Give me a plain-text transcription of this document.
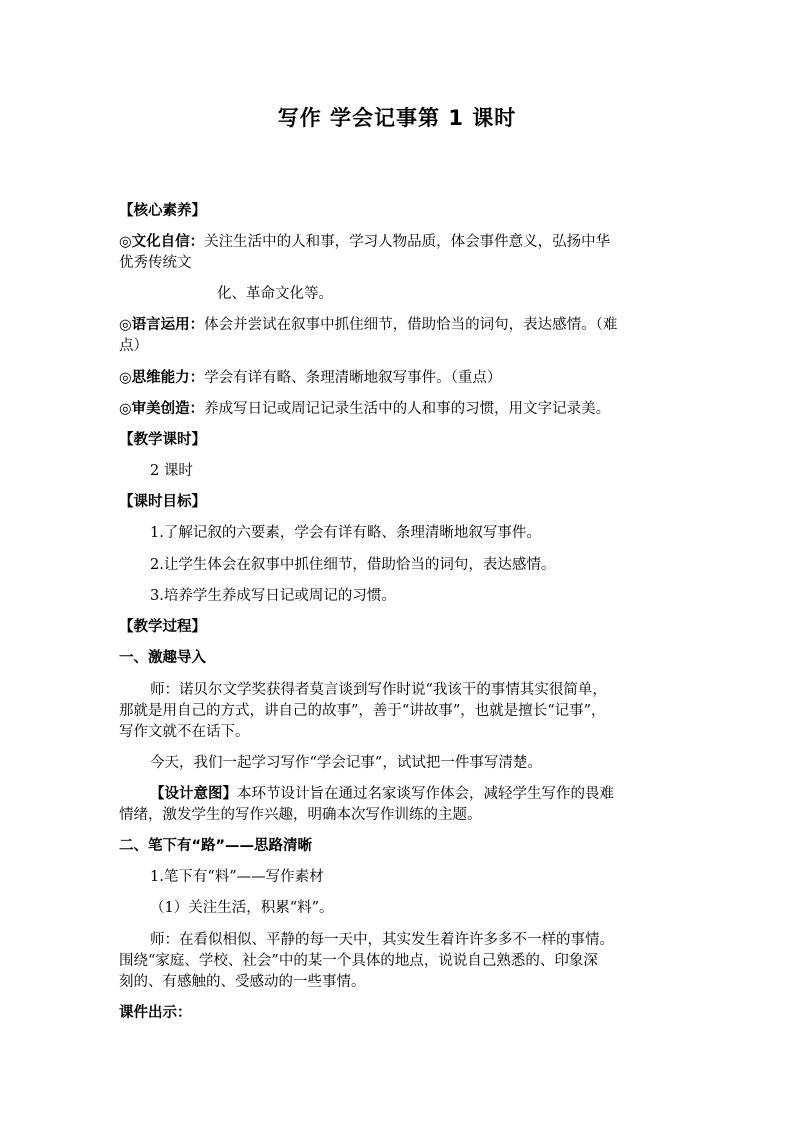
写作 学会记事第 1 课时
【核心素养】
◎文化自信：关注生活中的人和事，学习人物品质，体会事件意义，弘扬中华
优秀传统文
化、革命文化等。
◎语言运用：体会并尝试在叙事中抓住细节，借助恰当的词句，表达感情。（难
点）
◎思维能力：学会有详有略、条理清晰地叙写事件。（重点）
◎审美创造：养成写日记或周记记录生活中的人和事的习惯，用文字记录美。
【教学课时】
2 课时
【课时目标】
1.了解记叙的六要素，学会有详有略、条理清晰地叙写事件。
2.让学生体会在叙事中抓住细节，借助恰当的词句，表达感情。
3.培养学生养成写日记或周记的习惯。
【教学过程】
一、激趣导入
师：诺贝尔文学奖获得者莫言谈到写作时说“我该干的事情其实很简单，
那就是用自己的方式，讲自己的故事”，善于“讲故事”，也就是擅长“记事”，
写作文就不在话下。
今天，我们一起学习写作“学会记事”，试试把一件事写清楚。
【设计意图】本环节设计旨在通过名家谈写作体会，减轻学生写作的畏难
情绪，激发学生的写作兴趣，明确本次写作训练的主题。
二、笔下有“路”——思路清晰
1.笔下有“料”——写作素材
（1）关注生活，积累“料”。
师：在看似相似、平静的每一天中，其实发生着许许多多不一样的事情。
围绕“家庭、学校、社会”中的某一个具体的地点，说说自己熟悉的、印象深
刻的、有感触的、受感动的一些事情。
课件出示：
